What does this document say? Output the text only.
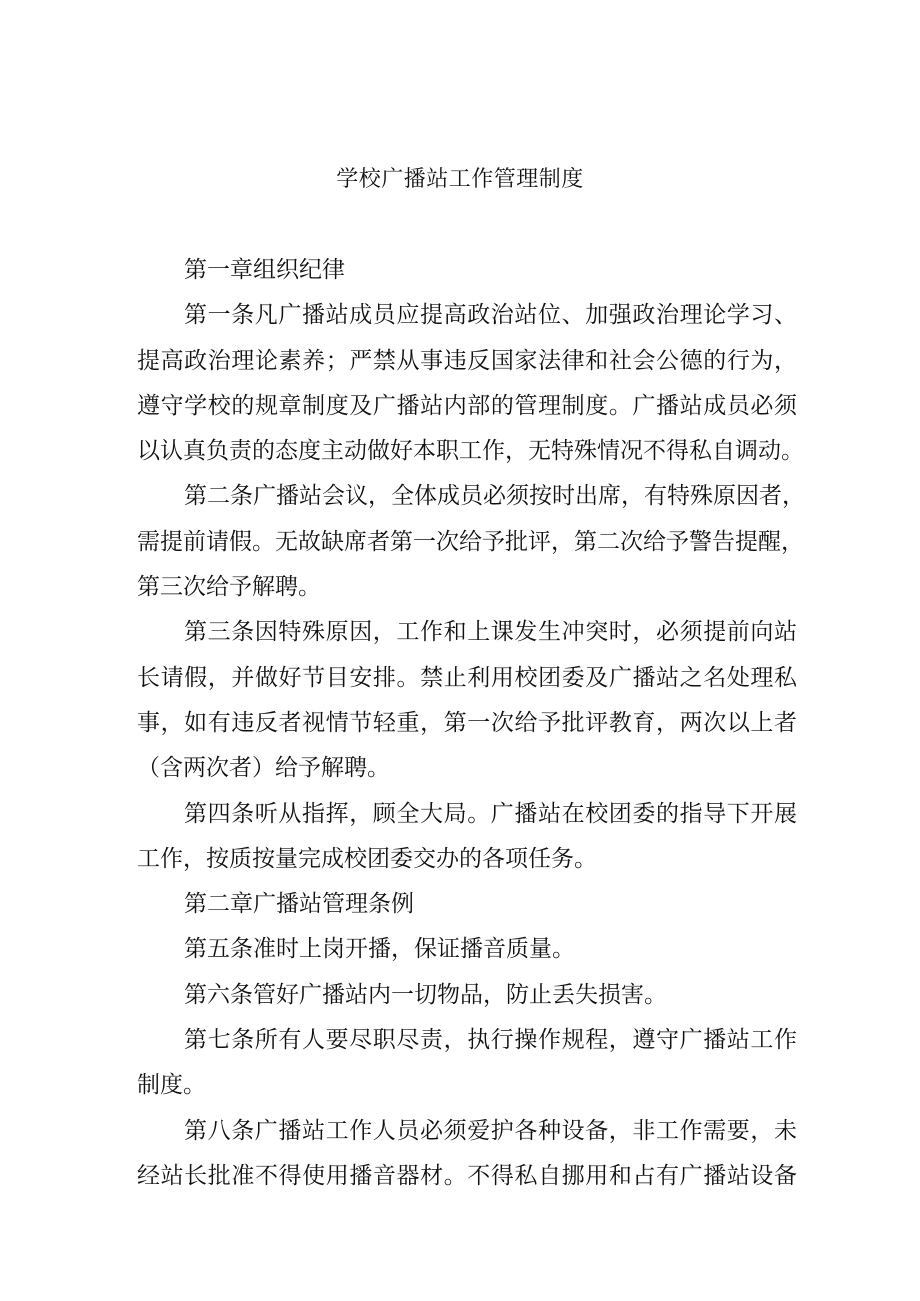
学校广播站工作管理制度
第一章组织纪律
第一条凡广播站成员应提高政治站位、加强政治理论学习、
提高政治理论素养；严禁从事违反国家法律和社会公德的行为，
遵守学校的规章制度及广播站内部的管理制度。广播站成员必须
以认真负责的态度主动做好本职工作，无特殊情况不得私自调动。
第二条广播站会议，全体成员必须按时出席，有特殊原因者，
需提前请假。无故缺席者第一次给予批评，第二次给予警告提醒，
第三次给予解聘。
第三条因特殊原因，工作和上课发生冲突时，必须提前向站
长请假，并做好节目安排。禁止利用校团委及广播站之名处理私
事，如有违反者视情节轻重，第一次给予批评教育，两次以上者
（含两次者）给予解聘。
第四条听从指挥，顾全大局。广播站在校团委的指导下开展
工作，按质按量完成校团委交办的各项任务。
第二章广播站管理条例
第五条准时上岗开播，保证播音质量。
第六条管好广播站内一切物品，防止丢失损害。
第七条所有人要尽职尽责，执行操作规程，遵守广播站工作
制度。
第八条广播站工作人员必须爱护各种设备，非工作需要，未
经站长批准不得使用播音器材。不得私自挪用和占有广播站设备
